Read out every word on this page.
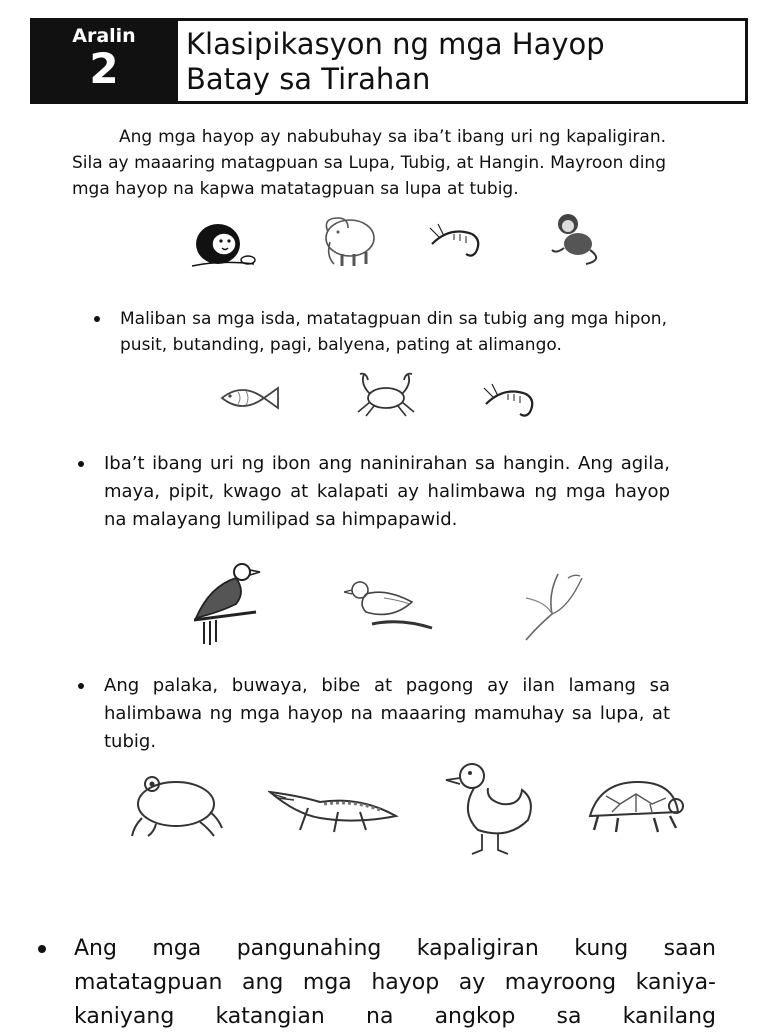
Aralin
2 Klasipikasyon ng mga Hayop
Batay sa Tirahan
Ang mga hayop ay nabubuhay sa iba’t ibang uri ng kapaligiran. Sila ay maaaring matagpuan sa Lupa, Tubig, at Hangin. Mayroon ding mga hayop na kapwa matatagpuan sa lupa at tubig.
Maliban sa mga isda, matatagpuan din sa tubig ang mga hipon, pusit, butanding, pagi, balyena, pating at alimango.
Iba’t ibang uri ng ibon ang naninirahan sa hangin. Ang agila, maya, pipit, kwago at kalapati ay halimbawa ng mga hayop na malayang lumilipad sa himpapawid.
Ang palaka, buwaya, bibe at pagong ay ilan lamang sa halimbawa ng mga hayop na maaaring mamuhay sa lupa, at tubig.
Ang mga pangunahing kapaligiran kung saan matatagpuan ang mga hayop ay mayroong kaniya-kaniyang katangian na angkop sa kanilang
